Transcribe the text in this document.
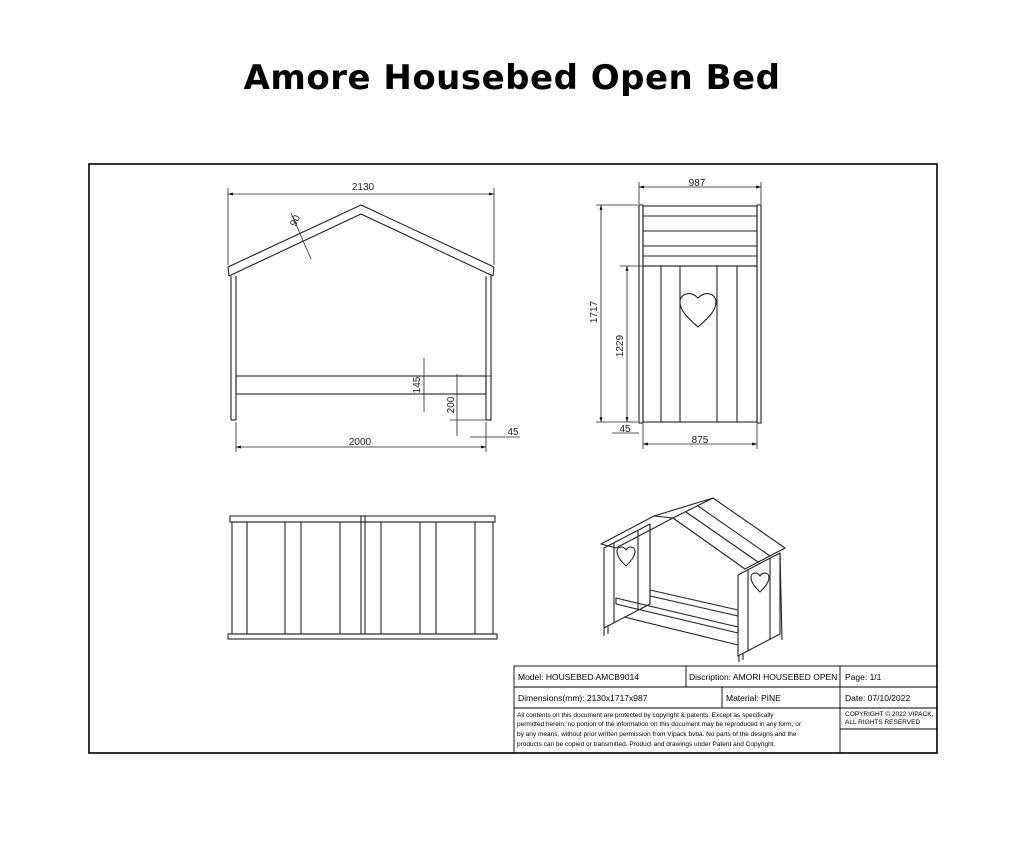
Amore Housebed Open Bed
2130
90
145
200
2000
45
987
1717
1229
45
875
Model: HOUSEBED AMCB9014	Discription: AMORI HOUSEBED OPEN Page: 1/1
Dimensions(mm): 2130x1717x987	Material: PINE	Date: 07/10/2022
All contents on this document are protected by copyright & patents. Except as specifically
permitted herein, no portion of the information on this document may be reproduced in any form, or
by any means, without prior written permission from Vipack bvba. No parts of the designs and the
products can be copied or transmitted. Product and drawings under Patent and Copyright.
COPYRIGHT © 2022 VIPACK,
ALL RIGHTS RESERVED
